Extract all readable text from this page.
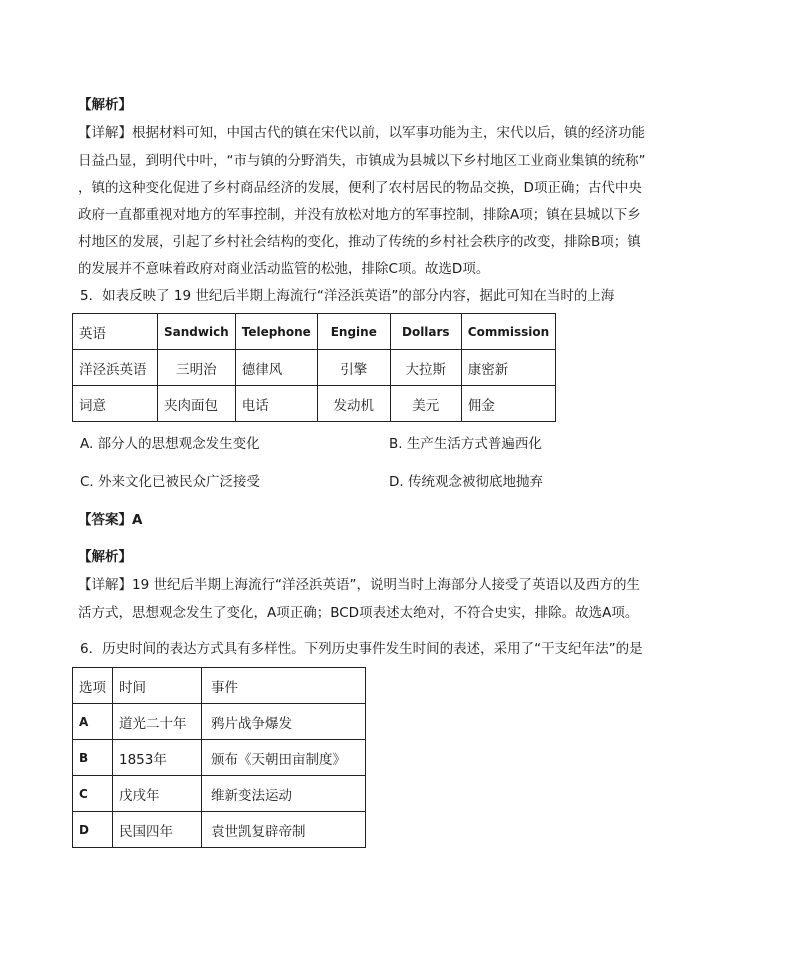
【解析】
【详解】根据材料可知，中国古代的镇在宋代以前，以军事功能为主，宋代以后，镇的经济功能
日益凸显，到明代中叶，“市与镇的分野消失，市镇成为县城以下乡村地区工业商业集镇的统称”
，镇的这种变化促进了乡村商品经济的发展，便利了农村居民的物品交换，D项正确；古代中央
政府一直都重视对地方的军事控制，并没有放松对地方的军事控制，排除A项；镇在县城以下乡
村地区的发展，引起了乡村社会结构的变化，推动了传统的乡村社会秩序的改变，排除B项；镇
的发展并不意味着政府对商业活动监管的松弛，排除C项。故选D项。
5．如表反映了 19 世纪后半期上海流行“洋泾浜英语”的部分内容，据此可知在当时的上海
英语	Sandwich	Telephone	Engine	Dollars	Commission
洋泾浜英语	三明治	德律风	引擎	大拉斯	康密新
词意	夹肉面包	电话	发动机	美元	佣金
A. 部分人的思想观念发生变化	B. 生产生活方式普遍西化
C. 外来文化已被民众广泛接受	D. 传统观念被彻底地抛弃
【答案】A
【解析】
【详解】19 世纪后半期上海流行“洋泾浜英语”，说明当时上海部分人接受了英语以及西方的生
活方式，思想观念发生了变化，A项正确；BCD项表述太绝对，不符合史实，排除。故选A项。
6．历史时间的表达方式具有多样性。下列历史事件发生时间的表述，采用了“干支纪年法”的是
选项	时间	事件
A	道光二十年	鸦片战争爆发
B	1853年	颁布《天朝田亩制度》
C	戊戌年	维新变法运动
D	民国四年	袁世凯复辟帝制
